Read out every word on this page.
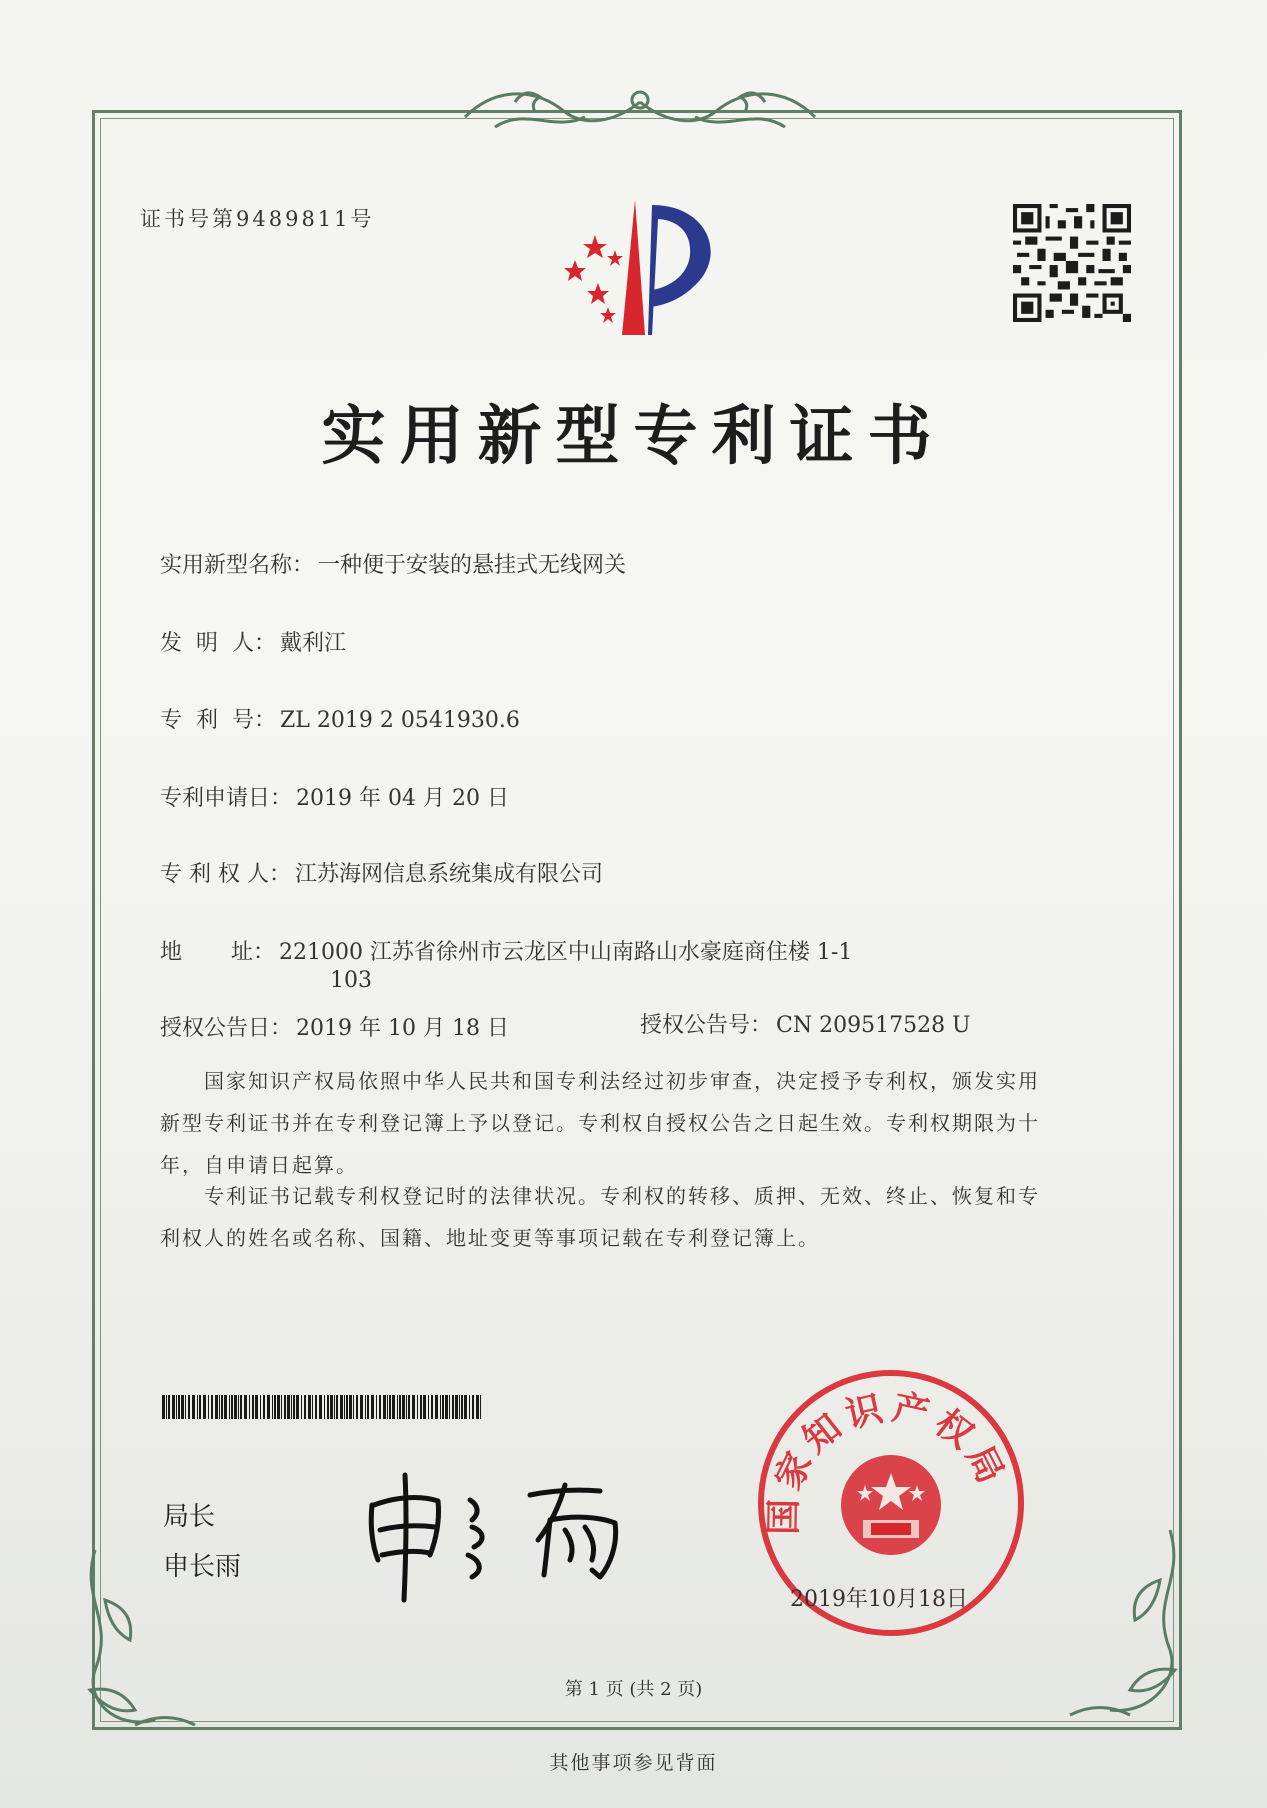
证书号第9489811号
实用新型专利证书
实用新型名称： 一种便于安装的悬挂式无线网关
发  明  人： 戴利江
专  利  号： ZL 2019 2 0541930.6
专利申请日： 2019 年 04 月 20 日
专 利 权 人： 江苏海网信息系统集成有限公司
地       址： 221000 江苏省徐州市云龙区中山南路山水豪庭商住楼 1-1
103
授权公告日： 2019 年 10 月 18 日	授权公告号： CN 209517528 U
国家知识产权局依照中华人民共和国专利法经过初步审查，决定授予专利权，颁发实用
新型专利证书并在专利登记簿上予以登记。专利权自授权公告之日起生效。专利权期限为十
年，自申请日起算。
专利证书记载专利权登记时的法律状况。专利权的转移、质押、无效、终止、恢复和专
利权人的姓名或名称、国籍、地址变更等事项记载在专利登记簿上。
局长
申长雨
国家知识产权局
2019年10月18日
第 1 页 (共 2 页)
其他事项参见背面
